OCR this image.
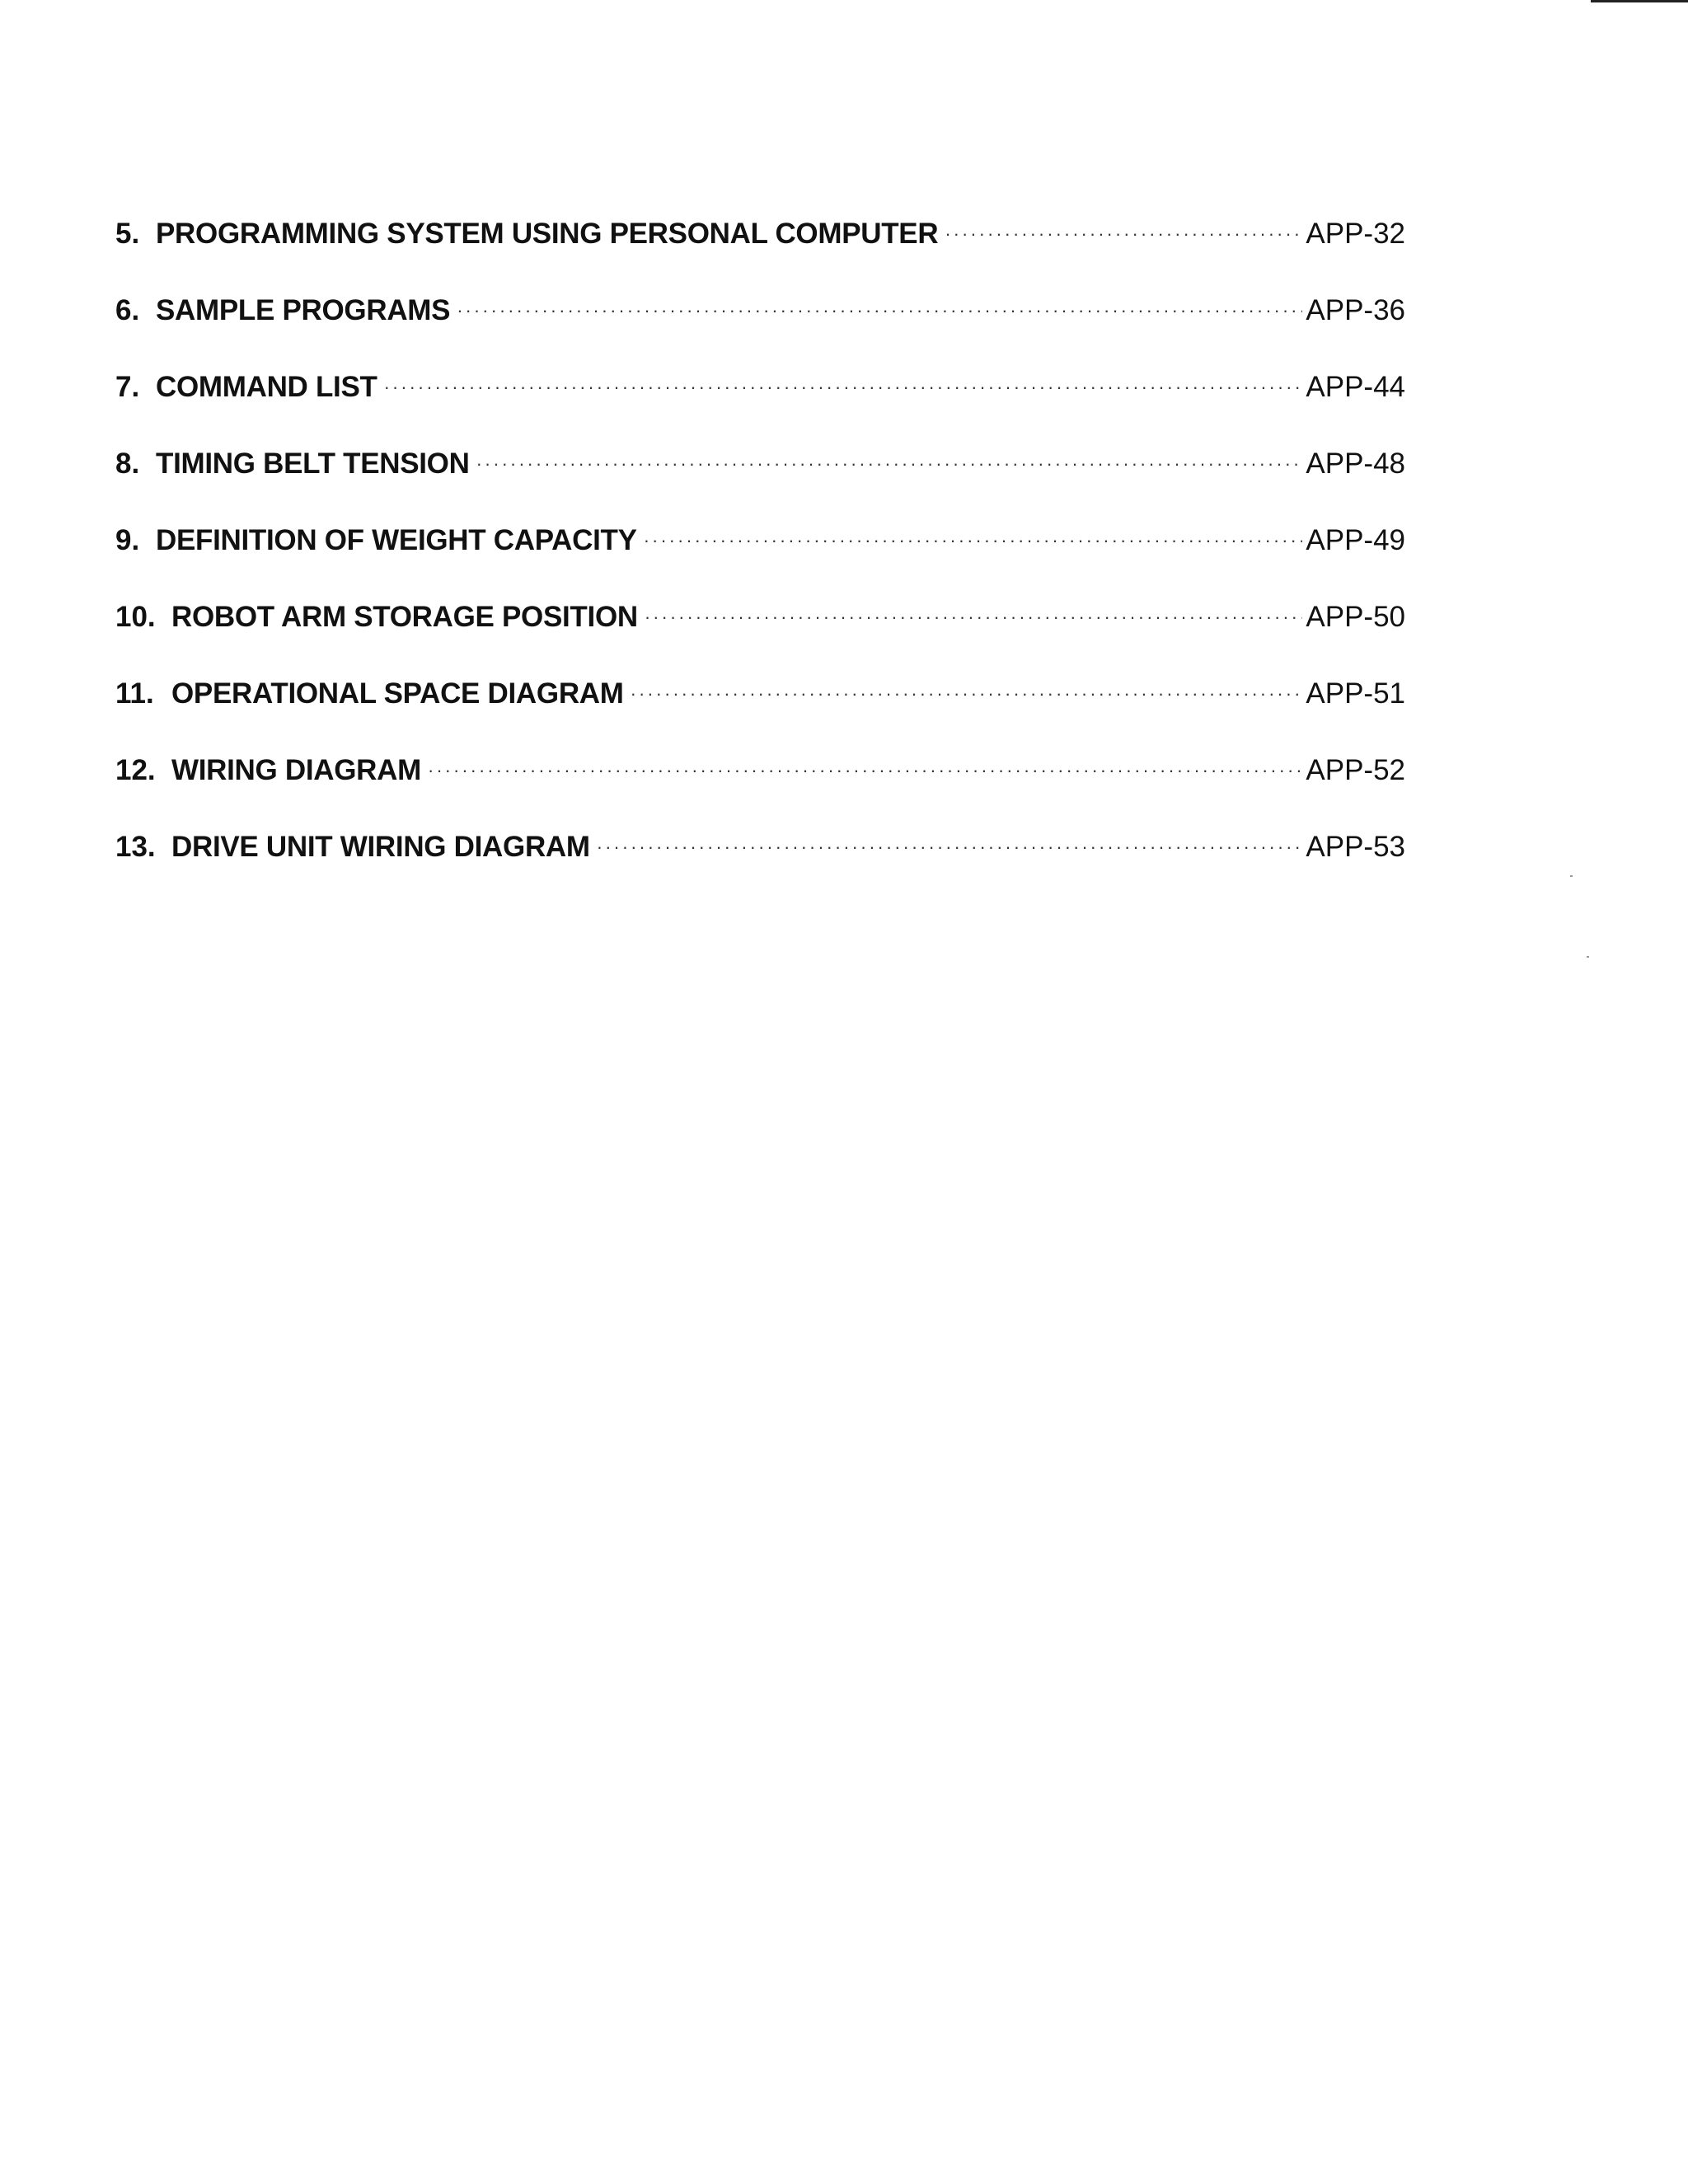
5. PROGRAMMING SYSTEM USING PERSONAL COMPUTER ·····	APP-32
6. SAMPLE PROGRAMS ·····	APP-36
7. COMMAND LIST ·····	APP-44
8. TIMING BELT TENSION ·····	APP-48
9. DEFINITION OF WEIGHT CAPACITY ·····	APP-49
10. ROBOT ARM STORAGE POSITION ·····	APP-50
11. OPERATIONAL SPACE DIAGRAM ·····	APP-51
12. WIRING DIAGRAM ·····	APP-52
13. DRIVE UNIT WIRING DIAGRAM ·····	APP-53
